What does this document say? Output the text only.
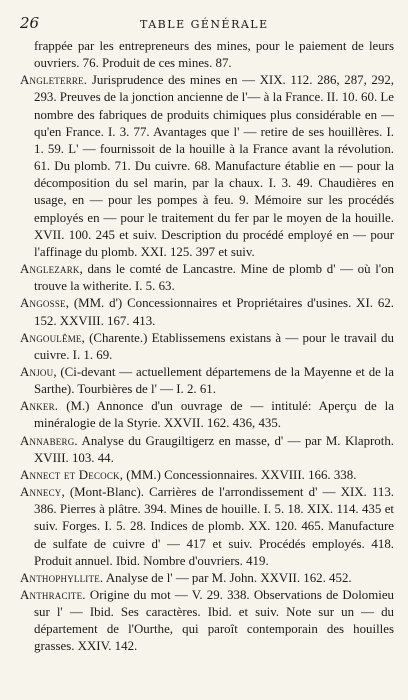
26	TABLE GÉNÉRALE

frappée par les entrepreneurs des mines, pour le paiement de leurs ouvriers. 76. Produit de ces mines. 87.

Angleterre. Jurisprudence des mines en — XIX. 112. 286, 287, 292, 293. Preuves de la jonction ancienne de l'— à la France. II. 10. 60. Le nombre des fabriques de produits chimiques plus considérable en — qu'en France. I. 3. 77. Avantages que l' — retire de ses houillères. I. 1. 59. L' — fournissoit de la houille à la France avant la révolution. 61. Du plomb. 71. Du cuivre. 68. Manufacture établie en — pour la décomposition du sel marin, par la chaux. I. 3. 49. Chaudières en usage, en — pour les pompes à feu. 9. Mémoire sur les procédés employés en — pour le traitement du fer par le moyen de la houille. XVII. 100. 245 et suiv. Description du procédé employé en — pour l'affinage du plomb. XXI. 125. 397 et suiv.

Anglezark, dans le comté de Lancastre. Mine de plomb d' — où l'on trouve la witherite. I. 5. 63.

Angosse, (MM. d') Concessionnaires et Propriétaires d'usines. XI. 62. 152. XXVIII. 167. 413.

Angoulême, (Charente.) Etablissemens existans à — pour le travail du cuivre. I. 1. 69.

Anjou, (Ci-devant — actuellement départemens de la Mayenne et de la Sarthe). Tourbières de l' — I. 2. 61.

Anker. (M.) Annonce d'un ouvrage de — intitulé: Aperçu de la minéralogie de la Styrie. XXVII. 162. 436, 435.

Annaberg. Analyse du Graugiltigerz en masse, d' — par M. Klaproth. XVIII. 103. 44.

Annect et Decock, (MM.) Concessionnaires. XXVIII. 166. 338.

Annecy, (Mont-Blanc). Carrières de l'arrondissement d' — XIX. 113. 386. Pierres à plâtre. 394. Mines de houille. I. 5. 18. XIX. 114. 435 et suiv. Forges. I. 5. 28. Indices de plomb. XX. 120. 465. Manufacture de sulfate de cuivre d' — 417 et suiv. Procédés employés. 418. Produit annuel. Ibid. Nombre d'ouvriers. 419.

Anthophyllite. Analyse de l' — par M. John. XXVII. 162. 452.

Anthracite. Origine du mot — V. 29. 338. Observations de Dolomieu sur l' — Ibid. Ses caractères. Ibid. et suiv. Note sur un — du département de l'Ourthe, qui paroît contemporain des houilles grasses. XXIV. 142.
